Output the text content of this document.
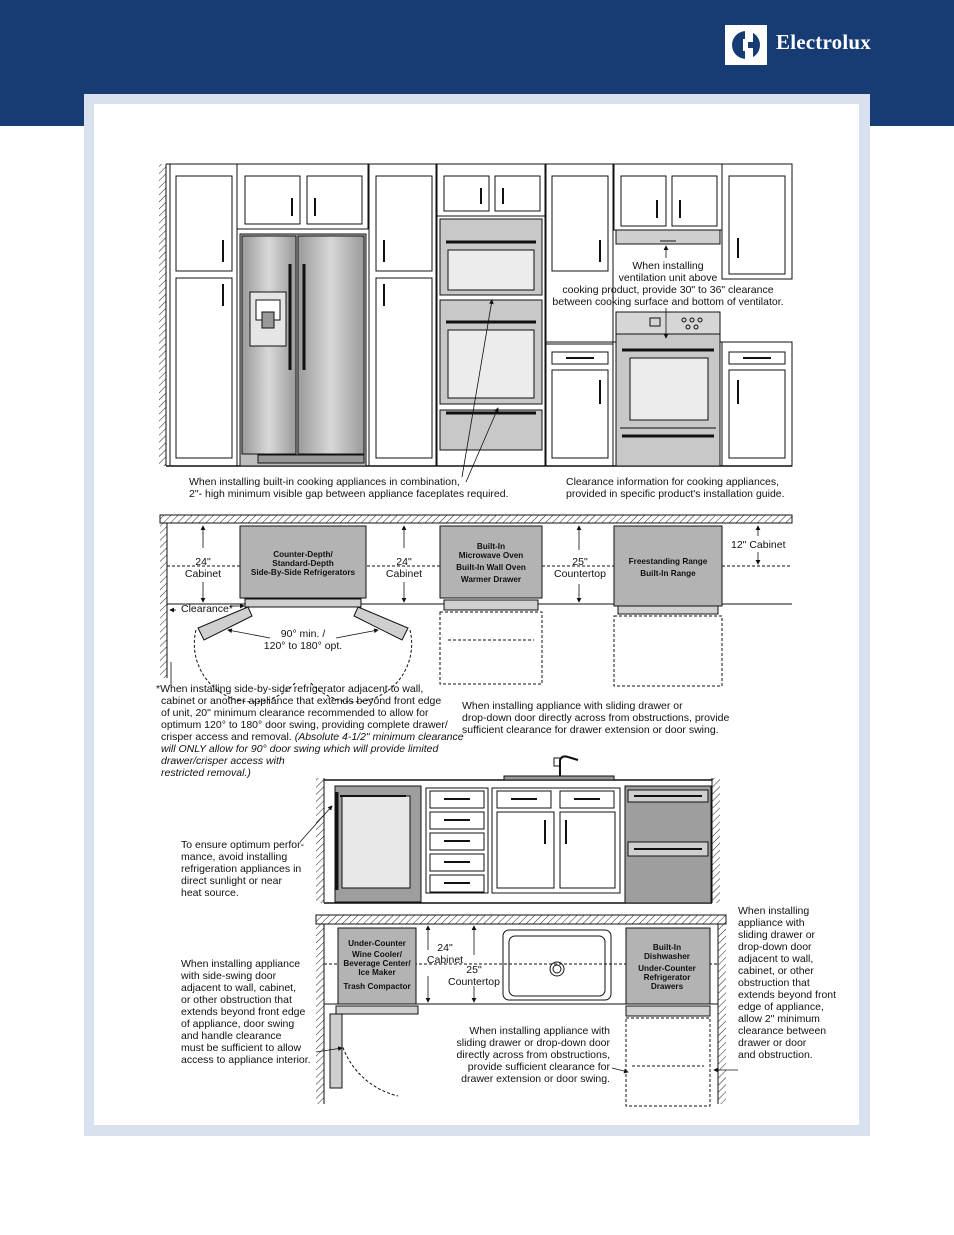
Electrolux
When installing
ventilation unit above
cooking product, provide 30" to 36" clearance
between cooking surface and bottom of ventilator.
When installing built-in cooking appliances in combination,
2"- high minimum visible gap between appliance faceplates required.
Clearance information for cooking appliances,
provided in specific product's installation guide.
Counter-Depth/
Standard-Depth
Side-By-Side Refrigerators
24"
Cabinet
24"
Cabinet
Built-In
Microwave Oven
Built-In Wall Oven
Warmer Drawer
25"
Countertop
Freestanding Range
Built-In Range
12" Cabinet
Clearance*
90° min. /
120° to 180° opt.
*When installing side-by-side refrigerator adjacent to wall,
cabinet or another appliance that extends beyond front edge
of unit, 20" minimum clearance recommended to allow for
optimum 120° to 180° door swing, providing complete drawer/
crisper access and removal. (Absolute 4-1/2" minimum clearance
will ONLY allow for 90° door swing which will provide limited
drawer/crisper access with
restricted removal.)
When installing appliance with sliding drawer or
drop-down door directly across from obstructions, provide
sufficient clearance for drawer extension or door swing.
To ensure optimum perfor-
mance, avoid installing
refrigeration appliances in
direct sunlight or near
heat source.
Under-Counter
Wine Cooler/
Beverage Center/
Ice Maker
Trash Compactor
24"
Cabinet
25"
Countertop
Built-In
Dishwasher
Under-Counter
Refrigerator
Drawers
When installing appliance
with side-swing door
adjacent to wall, cabinet,
or other obstruction that
extends beyond front edge
of appliance, door swing
and handle clearance
must be sufficient to allow
access to appliance interior.
When installing appliance with
sliding drawer or drop-down door
directly across from obstructions,
provide sufficient clearance for
drawer extension or door swing.
When installing
appliance with
sliding drawer or
drop-down door
adjacent to wall,
cabinet, or other
obstruction that
extends beyond front
edge of appliance,
allow 2" minimum
clearance between
drawer or door
and obstruction.
